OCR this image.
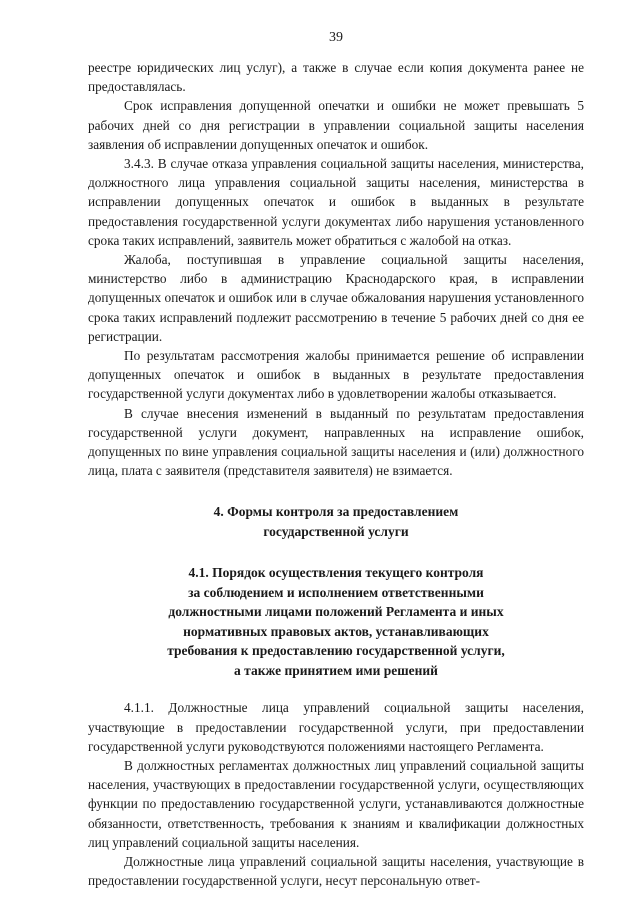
39

реестре юридических лиц услуг), а также в случае если копия документа ранее не предоставлялась.

Срок исправления допущенной опечатки и ошибки не может превышать 5 рабочих дней со дня регистрации в управлении социальной защиты населения заявления об исправлении допущенных опечаток и ошибок.

3.4.3. В случае отказа управления социальной защиты населения, министерства, должностного лица управления социальной защиты населения, министерства в исправлении допущенных опечаток и ошибок в выданных в результате предоставления государственной услуги документах либо нарушения установленного срока таких исправлений, заявитель может обратиться с жалобой на отказ.

Жалоба, поступившая в управление социальной защиты населения, министерство либо в администрацию Краснодарского края, в исправлении допущенных опечаток и ошибок или в случае обжалования нарушения установленного срока таких исправлений подлежит рассмотрению в течение 5 рабочих дней со дня ее регистрации.

По результатам рассмотрения жалобы принимается решение об исправлении допущенных опечаток и ошибок в выданных в результате предоставления государственной услуги документах либо в удовлетворении жалобы отказывается.

В случае внесения изменений в выданный по результатам предоставления государственной услуги документ, направленных на исправление ошибок, допущенных по вине управления социальной защиты населения и (или) должностного лица, плата с заявителя (представителя заявителя) не взимается.

4. Формы контроля за предоставлением
государственной услуги
4.1. Порядок осуществления текущего контроля
за соблюдением и исполнением ответственными
должностными лицами положений Регламента и иных
нормативных правовых актов, устанавливающих
требования к предоставлению государственной услуги,
а также принятием ими решений

4.1.1. Должностные лица управлений социальной защиты населения, участвующие в предоставлении государственной услуги, при предоставлении государственной услуги руководствуются положениями настоящего Регламента.

В должностных регламентах должностных лиц управлений социальной защиты населения, участвующих в предоставлении государственной услуги, осуществляющих функции по предоставлению государственной услуги, устанавливаются должностные обязанности, ответственность, требования к знаниям и квалификации должностных лиц управлений социальной защиты населения.

Должностные лица управлений социальной защиты населения, участвующие в предоставлении государственной услуги, несут персональную ответ-
